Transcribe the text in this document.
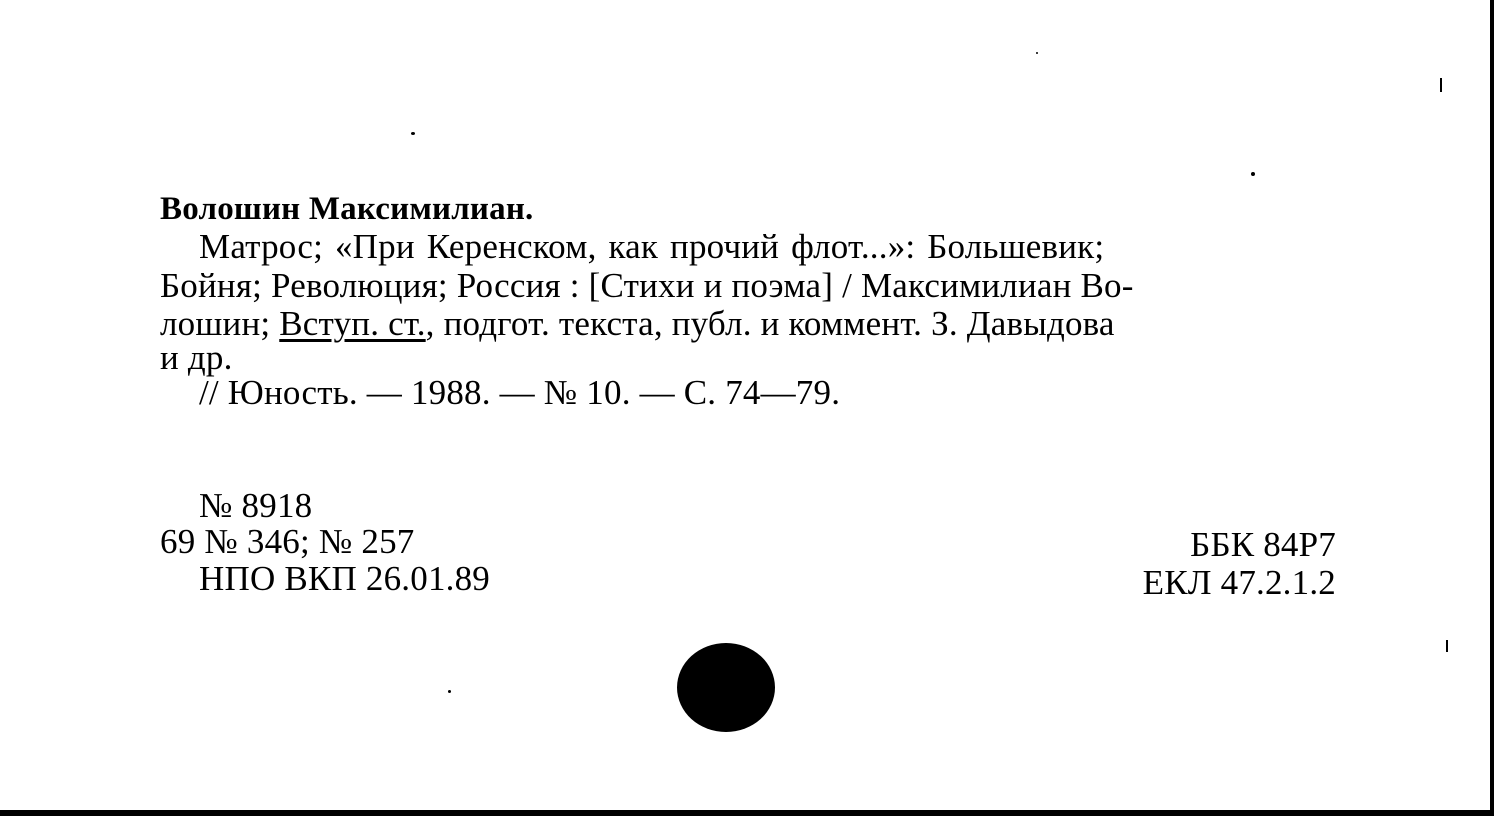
Волошин Максимилиан.
Матрос; «При Керенском, как прочий флот...»: Большевик;
Бойня; Революция; Россия : [Стихи и поэма] / Максимилиан Во-
лошин; Вступ. ст., подгот. текста, публ. и коммент. З. Давыдова
и др.
// Юность. — 1988. — № 10. — С. 74—79.
№ 8918
69 № 346; № 257
НПО ВКП 26.01.89
ББК 84Р7
ЕКЛ 47.2.1.2
